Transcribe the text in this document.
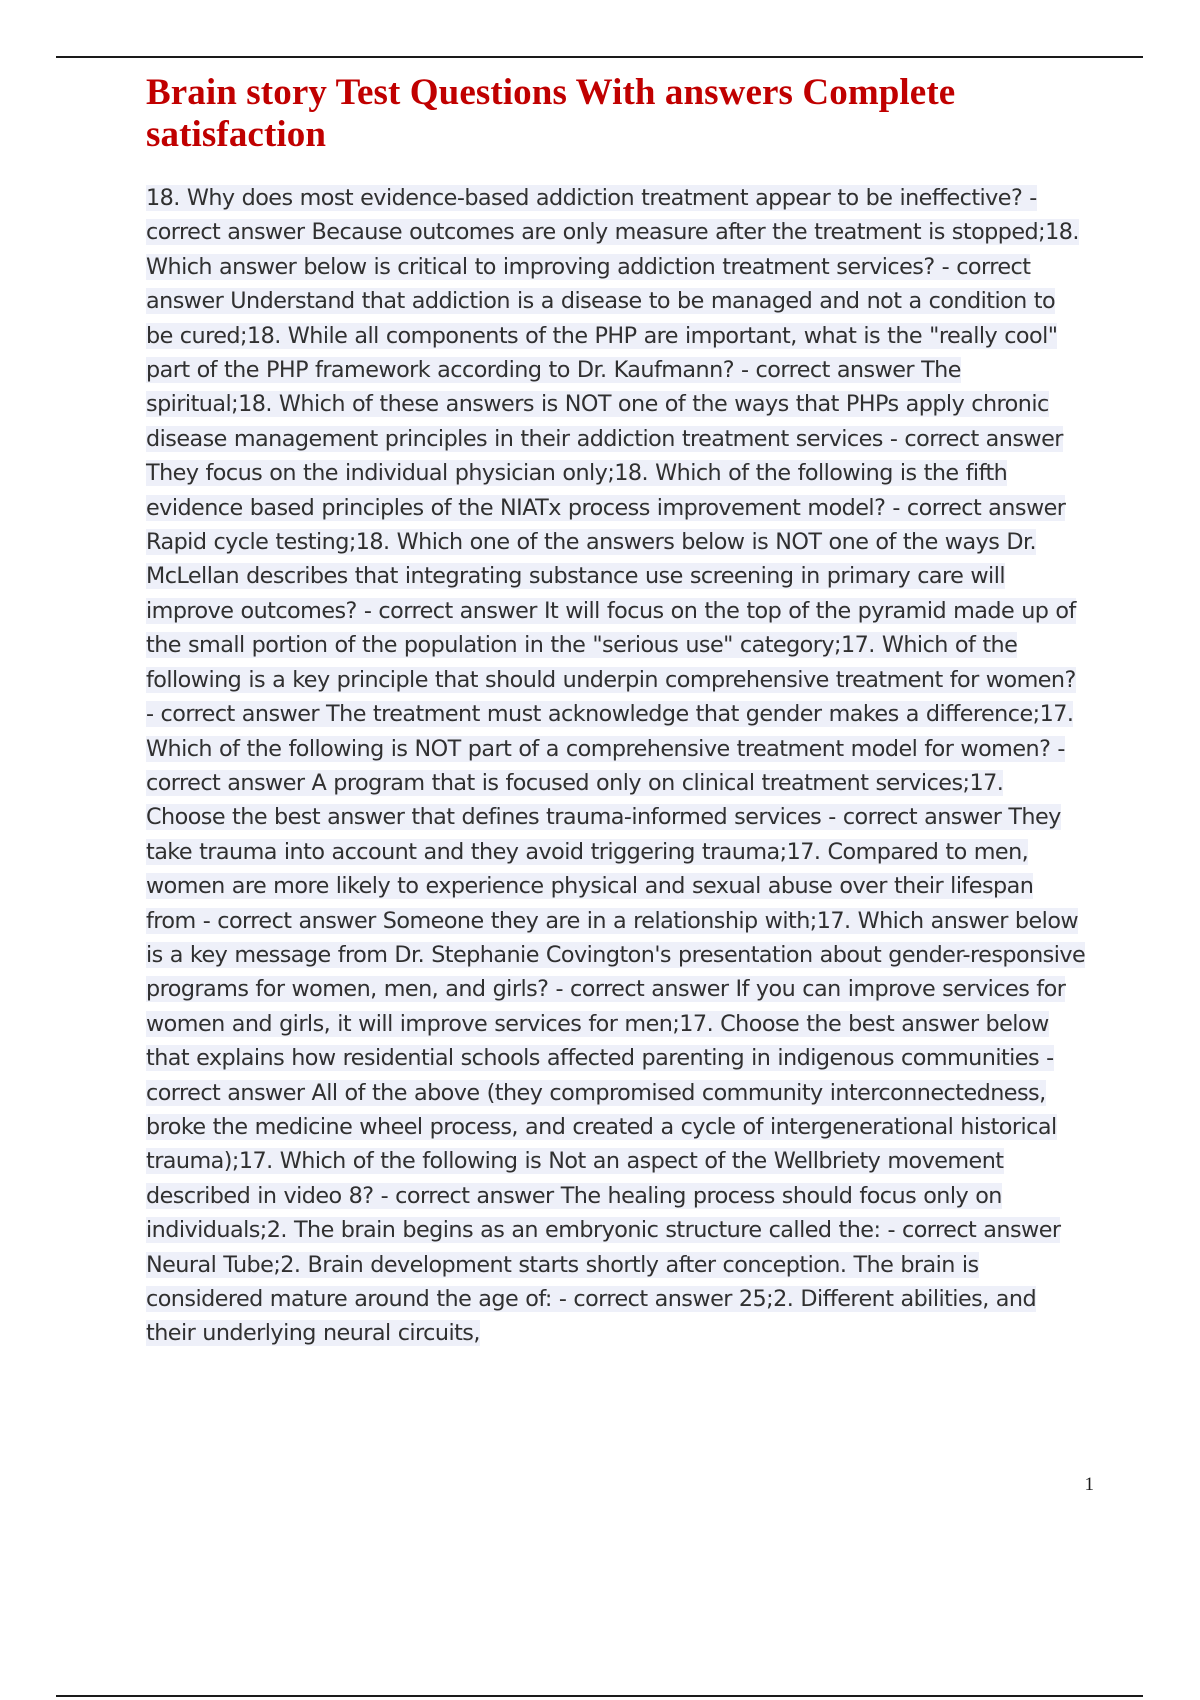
Brain story Test Questions With answers Complete satisfaction

18. Why does most evidence-based addiction treatment appear to be ineffective? - correct answer Because outcomes are only measure after the treatment is stopped;18. Which answer below is critical to improving addiction treatment services? - correct answer Understand that addiction is a disease to be managed and not a condition to be cured;18. While all components of the PHP are important, what is the "really cool" part of the PHP framework according to Dr. Kaufmann? - correct answer The spiritual;18. Which of these answers is NOT one of the ways that PHPs apply chronic disease management principles in their addiction treatment services - correct answer They focus on the individual physician only;18. Which of the following is the fifth evidence based principles of the NIATx process improvement model? - correct answer Rapid cycle testing;18. Which one of the answers below is NOT one of the ways Dr. McLellan describes that integrating substance use screening in primary care will improve outcomes? - correct answer It will focus on the top of the pyramid made up of the small portion of the population in the "serious use" category;17. Which of the following is a key principle that should underpin comprehensive treatment for women? - correct answer The treatment must acknowledge that gender makes a difference;17. Which of the following is NOT part of a comprehensive treatment model for women? - correct answer A program that is focused only on clinical treatment services;17. Choose the best answer that defines trauma-informed services - correct answer They take trauma into account and they avoid triggering trauma;17. Compared to men, women are more likely to experience physical and sexual abuse over their lifespan from - correct answer Someone they are in a relationship with;17. Which answer below is a key message from Dr. Stephanie Covington's presentation about gender-responsive programs for women, men, and girls? - correct answer If you can improve services for women and girls, it will improve services for men;17. Choose the best answer below that explains how residential schools affected parenting in indigenous communities - correct answer All of the above (they compromised community interconnectedness, broke the medicine wheel process, and created a cycle of intergenerational historical trauma);17. Which of the following is Not an aspect of the Wellbriety movement described in video 8? - correct answer The healing process should focus only on individuals;2. The brain begins as an embryonic structure called the: - correct answer Neural Tube;2. Brain development starts shortly after conception. The brain is considered mature around the age of: - correct answer 25;2. Different abilities, and their underlying neural circuits,

1
